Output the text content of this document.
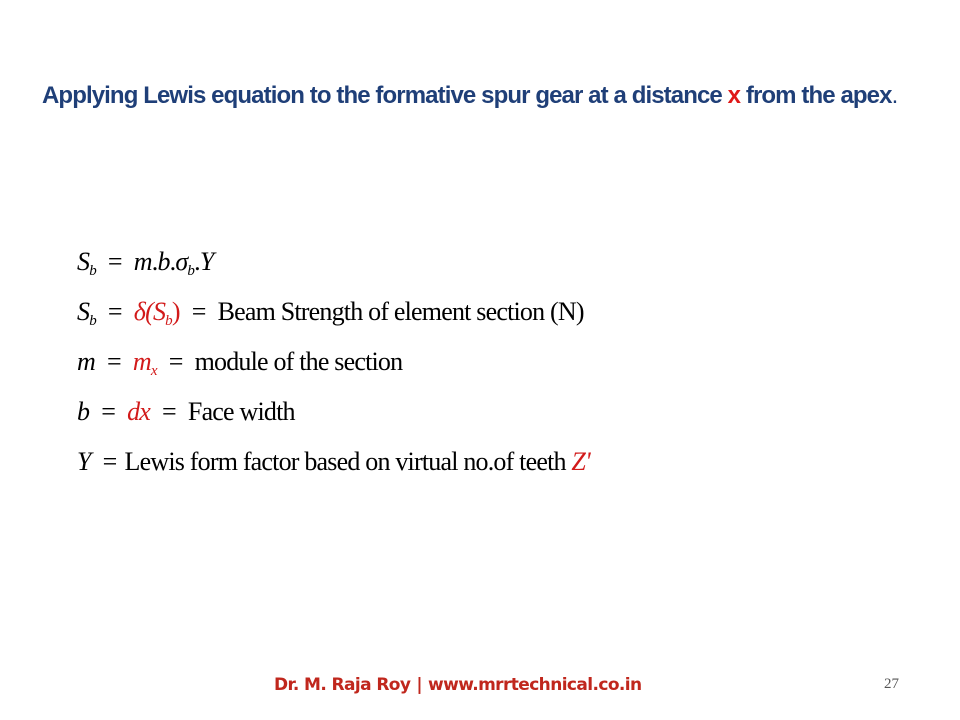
Applying Lewis equation to the formative spur gear at a distance x from the apex.
$S_b = m.b.\sigma_b.Y$
$S_b = \delta(S_b)$ = Beam Strength of element section (N)
$m = m_x$ = module of the section
b = dx = Face width
Y = Lewis form factor based on virtual no.of teeth Z'
Dr. M. Raja Roy | www.mrrtechnical.co.in	27
